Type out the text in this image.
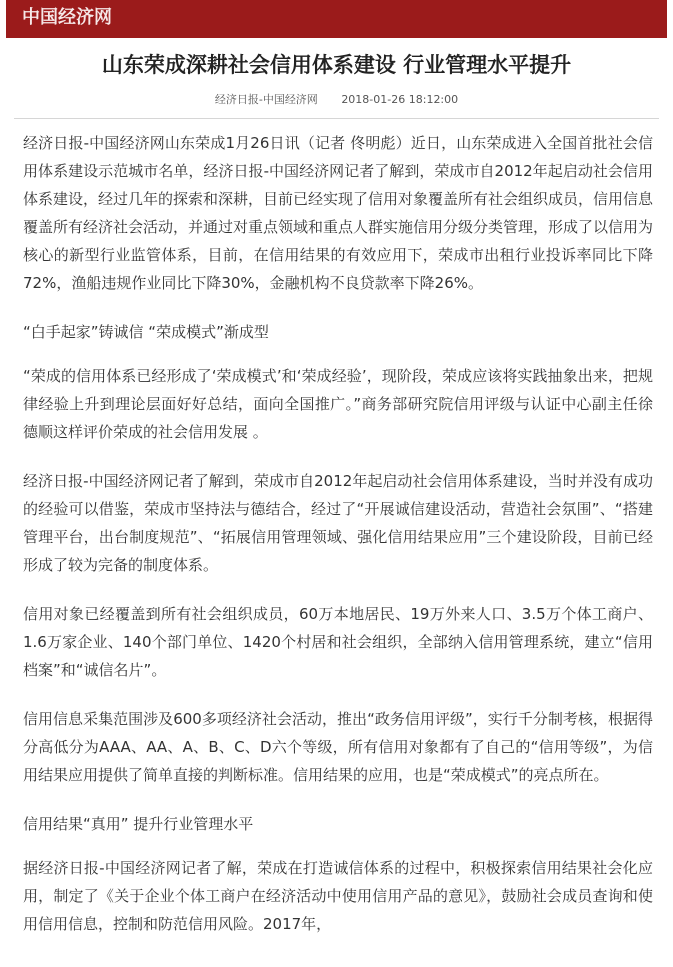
中国经济网
山东荣成深耕社会信用体系建设 行业管理水平提升
经济日报-中国经济网 2018-01-26 18:12:00

经济日报-中国经济网山东荣成1月26日讯（记者 佟明彪）近日，山东荣成进入全国首批社会信用体系建设示范城市名单，经济日报-中国经济网记者了解到，荣成市自2012年起启动社会信用体系建设，经过几年的探索和深耕，目前已经实现了信用对象覆盖所有社会组织成员，信用信息覆盖所有经济社会活动，并通过对重点领域和重点人群实施信用分级分类管理，形成了以信用为核心的新型行业监管体系，目前，在信用结果的有效应用下，荣成市出租行业投诉率同比下降72%，渔船违规作业同比下降30%，金融机构不良贷款率下降26%。

“白手起家”铸诚信 “荣成模式”渐成型

“荣成的信用体系已经形成了‘荣成模式’和‘荣成经验’，现阶段，荣成应该将实践抽象出来，把规律经验上升到理论层面好好总结，面向全国推广。”商务部研究院信用评级与认证中心副主任徐德顺这样评价荣成的社会信用发展 。

经济日报-中国经济网记者了解到，荣成市自2012年起启动社会信用体系建设，当时并没有成功的经验可以借鉴，荣成市坚持法与德结合，经过了“开展诚信建设活动，营造社会氛围”、“搭建管理平台，出台制度规范”、“拓展信用管理领域、强化信用结果应用”三个建设阶段，目前已经形成了较为完备的制度体系。

信用对象已经覆盖到所有社会组织成员，60万本地居民、19万外来人口、3.5万个体工商户、1.6万家企业、140个部门单位、1420个村居和社会组织，全部纳入信用管理系统，建立“信用档案”和“诚信名片”。

信用信息采集范围涉及600多项经济社会活动，推出“政务信用评级”，实行千分制考核，根据得分高低分为AAA、AA、A、B、C、D六个等级，所有信用对象都有了自己的“信用等级”，为信用结果应用提供了简单直接的判断标准。信用结果的应用，也是“荣成模式”的亮点所在。

信用结果“真用” 提升行业管理水平

据经济日报-中国经济网记者了解，荣成在打造诚信体系的过程中，积极探索信用结果社会化应用，制定了《关于企业个体工商户在经济活动中使用信用产品的意见》，鼓励社会成员查询和使用信用信息，控制和防范信用风险。2017年，
